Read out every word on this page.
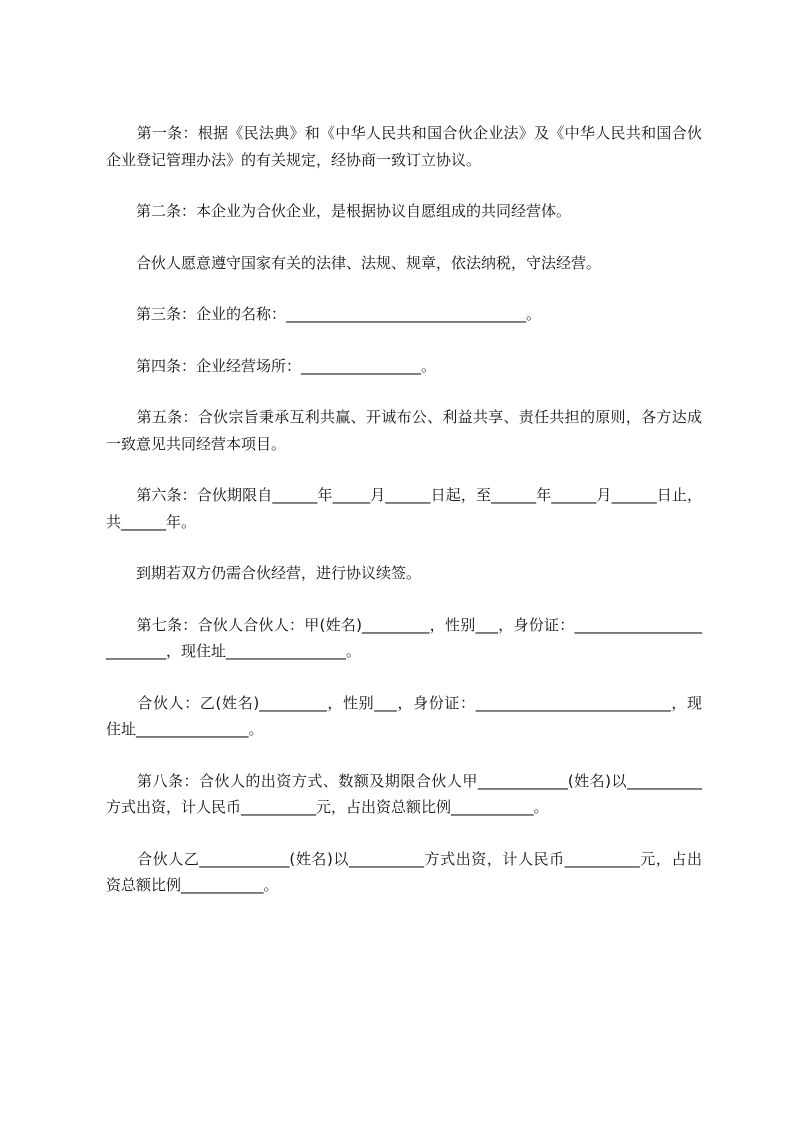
　　第一条：根据《民法典》和《中华人民共和国合伙企业法》及《中华人民共和国合伙企业登记管理办法》的有关规定，经协商一致订立协议。

　　第二条：本企业为合伙企业，是根据协议自愿组成的共同经营体。

　　合伙人愿意遵守国家有关的法律、法规、规章，依法纳税，守法经营。

　　第三条：企业的名称：________________________________。

　　第四条：企业经营场所：________________。

　　第五条：合伙宗旨秉承互利共赢、开诚布公、利益共享、责任共担的原则，各方达成一致意见共同经营本项目。

　　第六条：合伙期限自______年_____月______日起，至______年______月______日止，共______年。

　　到期若双方仍需合伙经营，进行协议续签。

　　第七条：合伙人合伙人：甲(姓名)_________，性别___，身份证：_________________________，现住址________________。

　　合伙人：乙(姓名)_________，性别___，身份证：__________________________，现住址_______________。

　　第八条：合伙人的出资方式、数额及期限合伙人甲____________(姓名)以__________方式出资，计人民币__________元，占出资总额比例___________。

　　合伙人乙____________(姓名)以__________方式出资，计人民币__________元，占出资总额比例___________。
